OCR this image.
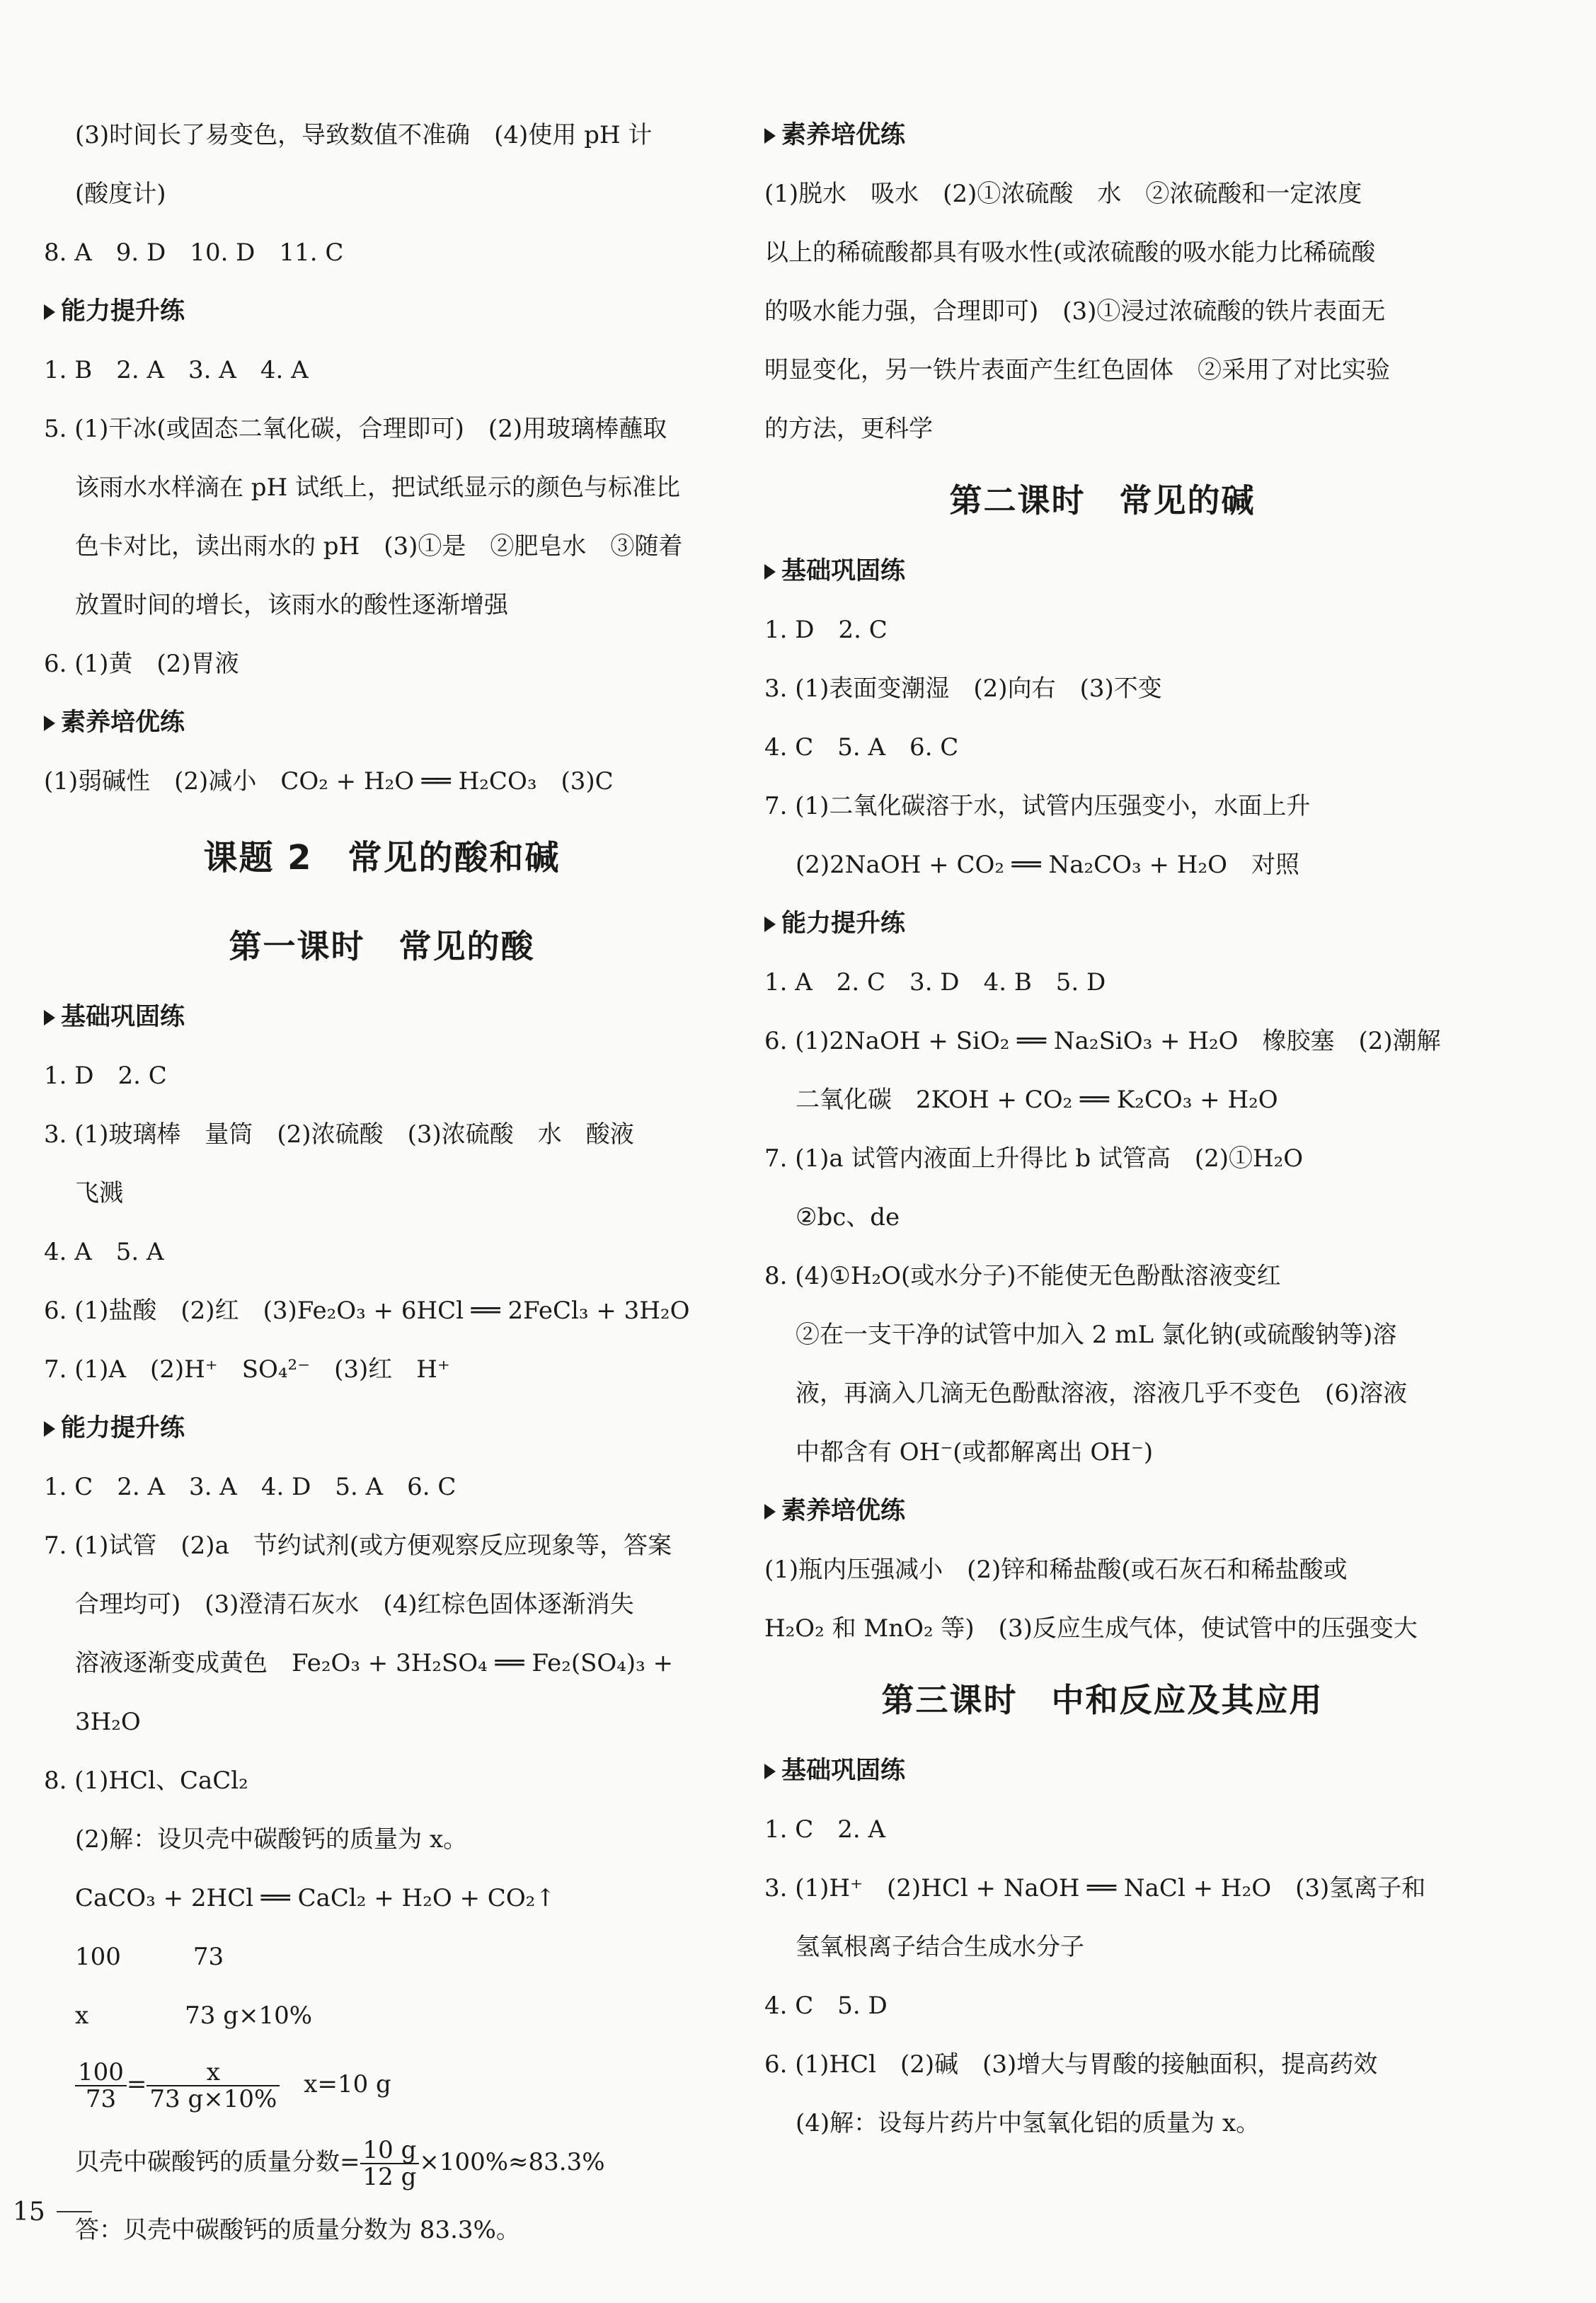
(3)时间长了易变色，导致数值不准确　(4)使用 pH 计
(酸度计)
8. A　9. D　10. D　11. C
能力提升练
1. B　2. A　3. A　4. A
5. (1)干冰(或固态二氧化碳，合理即可)　(2)用玻璃棒蘸取
该雨水水样滴在 pH 试纸上，把试纸显示的颜色与标准比
色卡对比，读出雨水的 pH　(3)①是　②肥皂水　③随着
放置时间的增长，该雨水的酸性逐渐增强
6. (1)黄　(2)胃液
素养培优练
(1)弱碱性　(2)减小　CO₂ + H₂O ══ H₂CO₃　(3)C
课题 2　常见的酸和碱
第一课时　常见的酸
基础巩固练
1. D　2. C
3. (1)玻璃棒　量筒　(2)浓硫酸　(3)浓硫酸　水　酸液
飞溅
4. A　5. A
6. (1)盐酸　(2)红　(3)Fe₂O₃ + 6HCl ══ 2FeCl₃ + 3H₂O
7. (1)A　(2)H⁺　SO₄²⁻　(3)红　H⁺
能力提升练
1. C　2. A　3. A　4. D　5. A　6. C
7. (1)试管　(2)a　节约试剂(或方便观察反应现象等，答案
合理均可)　(3)澄清石灰水　(4)红棕色固体逐渐消失
溶液逐渐变成黄色　Fe₂O₃ + 3H₂SO₄ ══ Fe₂(SO₄)₃ +
3H₂O
8. (1)HCl、CaCl₂
(2)解：设贝壳中碳酸钙的质量为 x。
CaCO₃ + 2HCl ══ CaCl₂ + H₂O + CO₂↑
100　　　73
x　　　　73 g×10%
$\frac{100}{73} = \frac{x}{73 g\times 10\%}$ 　x=10 g
贝壳中碳酸钙的质量分数= $\frac{10 g}{12 g} \times 100\%\approx 83.3\%$
答：贝壳中碳酸钙的质量分数为 83.3%。
素养培优练
(1)脱水　吸水　(2)①浓硫酸　水　②浓硫酸和一定浓度
以上的稀硫酸都具有吸水性(或浓硫酸的吸水能力比稀硫酸
的吸水能力强，合理即可)　(3)①浸过浓硫酸的铁片表面无
明显变化，另一铁片表面产生红色固体　②采用了对比实验
的方法，更科学
第二课时　常见的碱
基础巩固练
1. D　2. C
3. (1)表面变潮湿　(2)向右　(3)不变
4. C　5. A　6. C
7. (1)二氧化碳溶于水，试管内压强变小，水面上升
(2)2NaOH + CO₂ ══ Na₂CO₃ + H₂O　对照
能力提升练
1. A　2. C　3. D　4. B　5. D
6. (1)2NaOH + SiO₂ ══ Na₂SiO₃ + H₂O　橡胶塞　(2)潮解
二氧化碳　2KOH + CO₂ ══ K₂CO₃ + H₂O
7. (1)a 试管内液面上升得比 b 试管高　(2)①H₂O
②bc、de
8. (4)①H₂O(或水分子)不能使无色酚酞溶液变红
②在一支干净的试管中加入 2 mL 氯化钠(或硫酸钠等)溶
液，再滴入几滴无色酚酞溶液，溶液几乎不变色　(6)溶液
中都含有 OH⁻(或都解离出 OH⁻)
素养培优练
(1)瓶内压强减小　(2)锌和稀盐酸(或石灰石和稀盐酸或
H₂O₂ 和 MnO₂ 等)　(3)反应生成气体，使试管中的压强变大
第三课时　中和反应及其应用
基础巩固练
1. C　2. A
3. (1)H⁺　(2)HCl + NaOH ══ NaCl + H₂O　(3)氢离子和
氢氧根离子结合生成水分子
4. C　5. D
6. (1)HCl　(2)碱　(3)增大与胃酸的接触面积，提高药效
(4)解：设每片药片中氢氧化铝的质量为 x。
15
